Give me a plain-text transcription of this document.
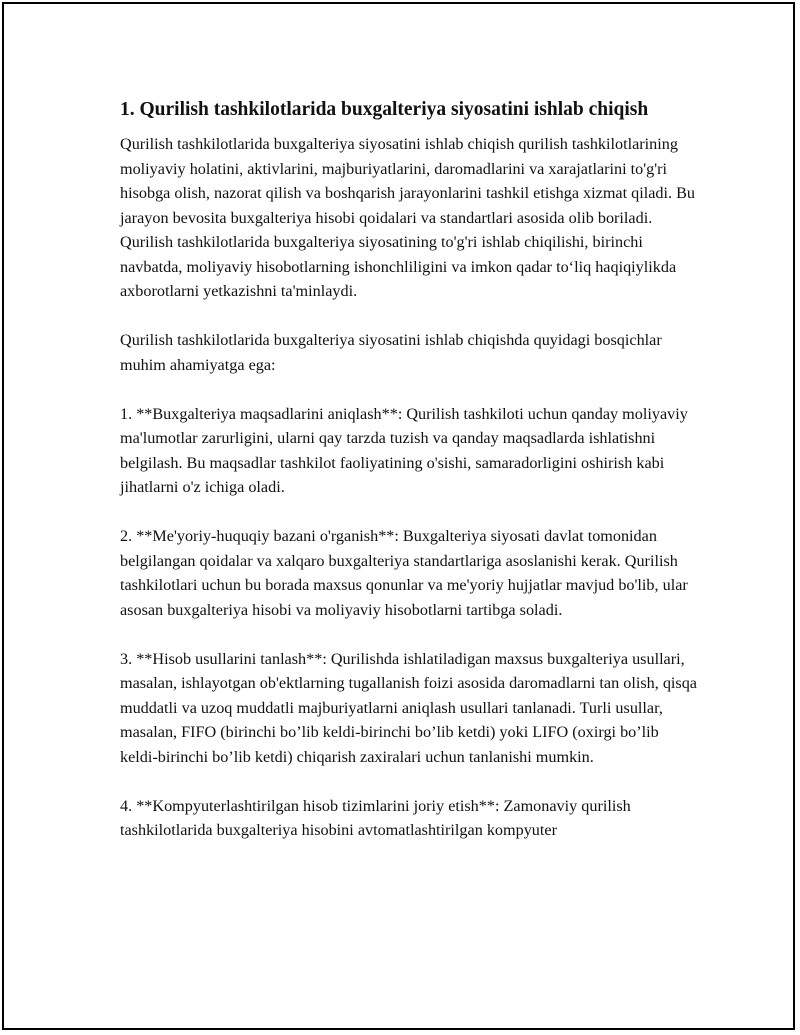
1. Qurilish tashkilotlarida buxgalteriya siyosatini ishlab chiqish

Qurilish tashkilotlarida buxgalteriya siyosatini ishlab chiqish qurilish tashkilotlarining moliyaviy holatini, aktivlarini, majburiyatlarini, daromadlarini va xarajatlarini to'g'ri hisobga olish, nazorat qilish va boshqarish jarayonlarini tashkil etishga xizmat qiladi. Bu jarayon bevosita buxgalteriya hisobi qoidalari va standartlari asosida olib boriladi. Qurilish tashkilotlarida buxgalteriya siyosatining to'g'ri ishlab chiqilishi, birinchi navbatda, moliyaviy hisobotlarning ishonchliligini va imkon qadar to‘liq haqiqiylikda axborotlarni yetkazishni ta'minlaydi.

Qurilish tashkilotlarida buxgalteriya siyosatini ishlab chiqishda quyidagi bosqichlar muhim ahamiyatga ega:

1. **Buxgalteriya maqsadlarini aniqlash**: Qurilish tashkiloti uchun qanday moliyaviy ma'lumotlar zarurligini, ularni qay tarzda tuzish va qanday maqsadlarda ishlatishni belgilash. Bu maqsadlar tashkilot faoliyatining o'sishi, samaradorligini oshirish kabi jihatlarni o'z ichiga oladi.

2. **Me'yoriy-huquqiy bazani o'rganish**: Buxgalteriya siyosati davlat tomonidan belgilangan qoidalar va xalqaro buxgalteriya standartlariga asoslanishi kerak. Qurilish tashkilotlari uchun bu borada maxsus qonunlar va me'yoriy hujjatlar mavjud bo'lib, ular asosan buxgalteriya hisobi va moliyaviy hisobotlarni tartibga soladi.

3. **Hisob usullarini tanlash**: Qurilishda ishlatiladigan maxsus buxgalteriya usullari, masalan, ishlayotgan ob'ektlarning tugallanish foizi asosida daromadlarni tan olish, qisqa muddatli va uzoq muddatli majburiyatlarni aniqlash usullari tanlanadi. Turli usullar, masalan, FIFO (birinchi bo’lib keldi-birinchi bo’lib ketdi) yoki LIFO (oxirgi bo’lib keldi-birinchi bo’lib ketdi) chiqarish zaxiralari uchun tanlanishi mumkin.

4. **Kompyuterlashtirilgan hisob tizimlarini joriy etish**: Zamonaviy qurilish tashkilotlarida buxgalteriya hisobini avtomatlashtirilgan kompyuter
